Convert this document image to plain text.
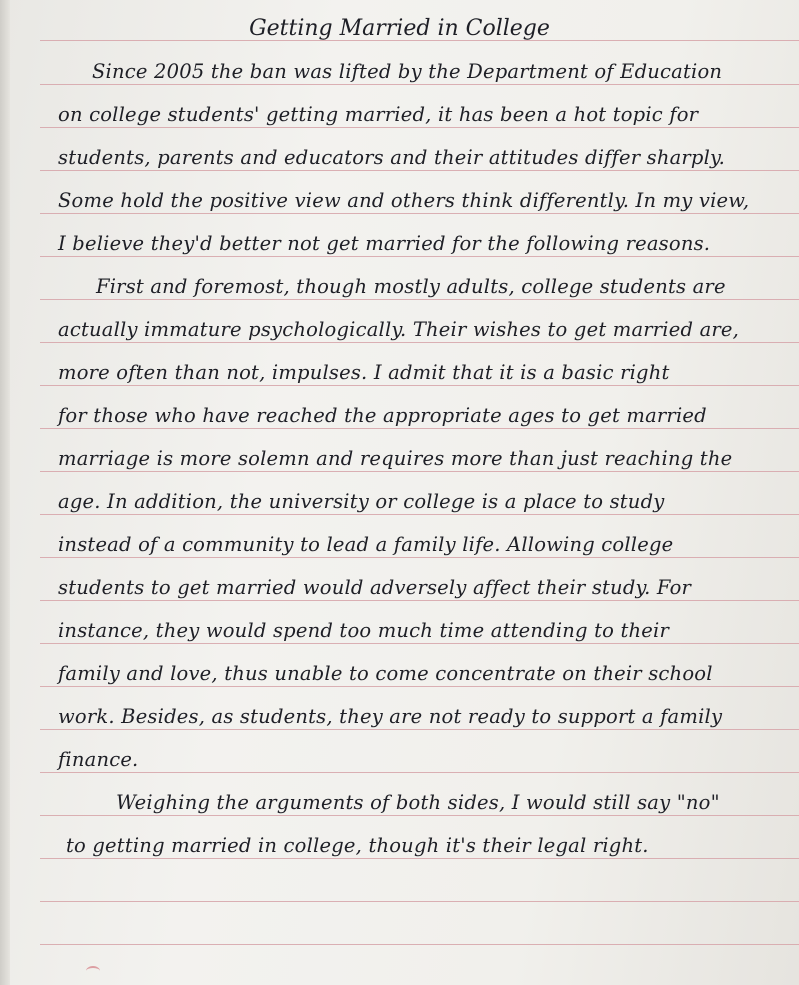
Getting Married in College
Since 2005 the ban was lifted by the Department of Education
on college students' getting married, it has been a hot topic for
students, parents and educators and their attitudes differ sharply.
Some hold the positive view and others think differently. In my view,
I believe they'd better not get married for the following reasons.
First and foremost, though mostly adults, college students are
actually immature psychologically. Their wishes to get married are,
more often than not, impulses. I admit that it is a basic right
for those who have reached the appropriate ages to get married
marriage is more solemn and requires more than just reaching the
age. In addition, the university or college is a place to study
instead of a community to lead a family life. Allowing college
students to get married would adversely affect their study. For
instance, they would spend too much time attending to their
family and love, thus unable to come concentrate on their school
work. Besides, as students, they are not ready to support a family
finance.
Weighing the arguments of both sides, I would still say "no"
to getting married in college, though it's their legal right.
